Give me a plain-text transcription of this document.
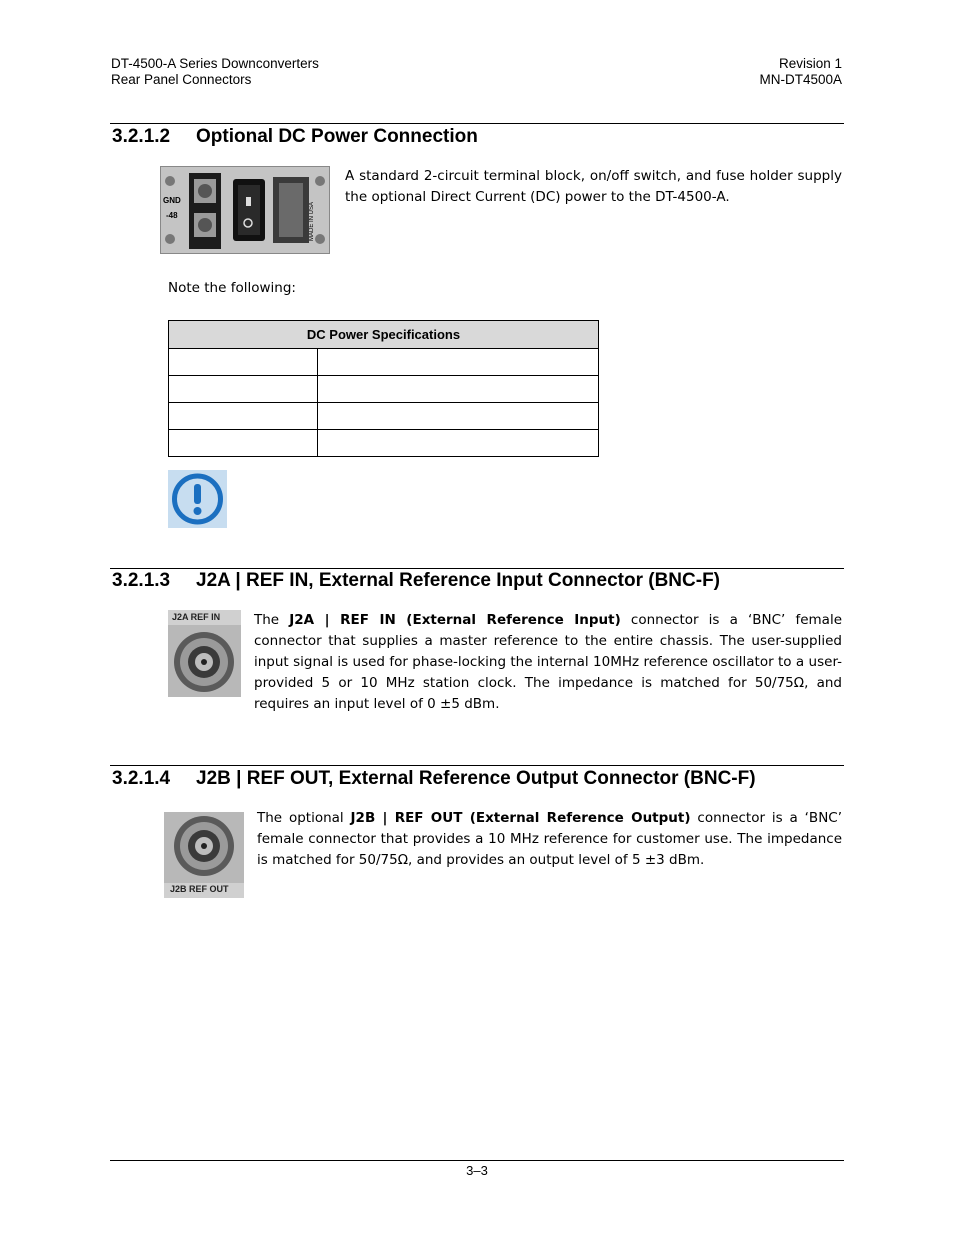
DT-4500-A Series Downconverters
Rear Panel Connectors
Revision 1
MN-DT4500A
3.2.1.2 Optional DC Power Connection
GND
-48	MADE IN USA
A standard 2-circuit terminal block, on/off switch, and fuse holder supply the optional Direct Current (DC) power to the DT-4500-A.
Note the following:
DC Power Specifications	

3.2.1.3 J2A | REF IN, External Reference Input Connector (BNC-F)
J2A REF IN	The J2A | REF IN (External Reference Input) connector is a ‘BNC’ female connector that supplies a master reference to the entire chassis. The user-supplied input signal is used for phase-locking the internal 10MHz reference oscillator to a user-provided 5 or 10 MHz station clock. The impedance is matched for 50/75Ω, and requires an input level of 0 ±5 dBm.
3.2.1.4 J2B | REF OUT, External Reference Output Connector (BNC-F)
J2B REF OUT
The optional J2B | REF OUT (External Reference Output) connector is a ‘BNC’ female connector that provides a 10 MHz reference for customer use. The impedance is matched for 50/75Ω, and provides an output level of 5 ±3 dBm.
3–3
